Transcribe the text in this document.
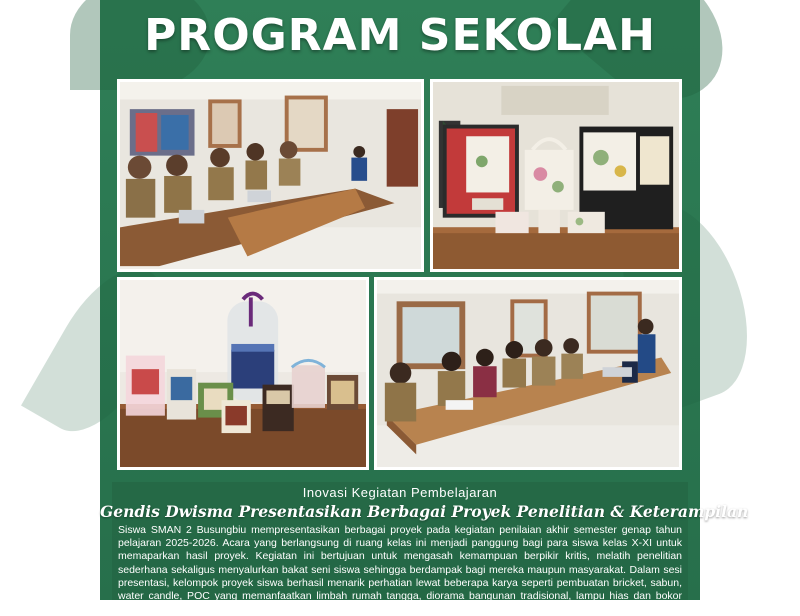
PROGRAM SEKOLAH
Inovasi Kegiatan Pembelajaran
Gendis Dwisma Presentasikan Berbagai Proyek Penelitian & Keterampilan

Siswa SMAN 2 Busungbiu mempresentasikan berbagai proyek pada kegiatan penilaian akhir semester genap tahun pelajaran 2025-2026. Acara yang berlangsung di ruang kelas ini menjadi panggung bagi para siswa kelas X-XI untuk memaparkan hasil proyek. Kegiatan ini bertujuan untuk mengasah kemampuan berpikir kritis, melatih penelitian sederhana sekaligus menyalurkan bakat seni siswa sehingga berdampak bagi mereka maupun masyarakat. Dalam sesi presentasi, kelompok proyek siswa berhasil menarik perhatian lewat beberapa karya seperti pembuatan bricket, sabun, water candle, POC yang memanfaatkan limbah rumah tangga, diorama bangunan tradisional, lampu hias dan bokor sebagai penguatan identitas lokal, serta mini green
